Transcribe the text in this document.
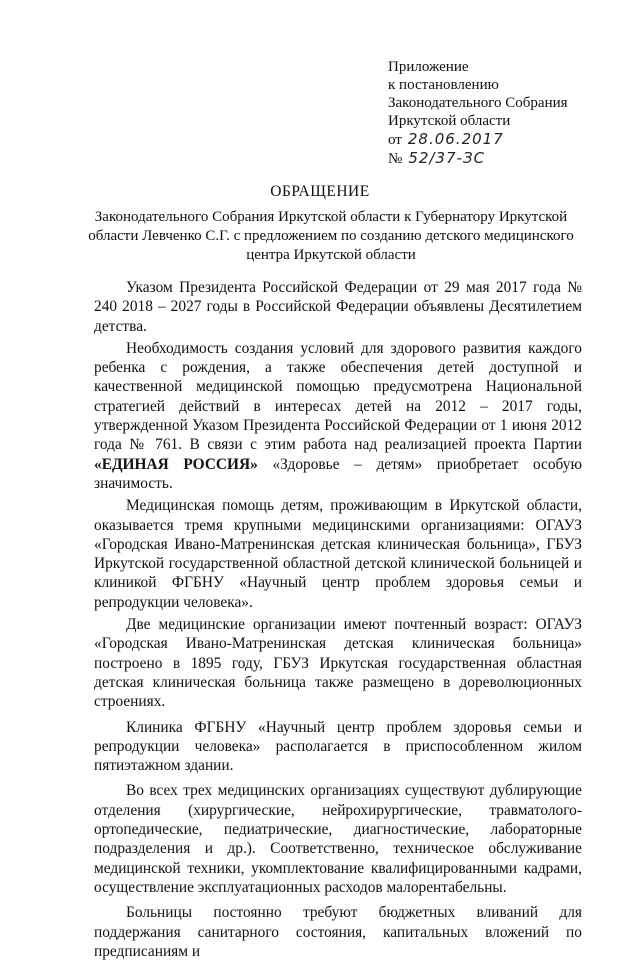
Приложение
к постановлению
Законодательного Собрания
Иркутской области
от 28.06.2017
№ 52/37-ЗС
ОБРАЩЕНИЕ
Законодательного Собрания Иркутской области к Губернатору Иркутской области Левченко С.Г. с предложением по созданию детского медицинского центра Иркутской области

Указом Президента Российской Федерации от 29 мая 2017 года № 240 2018 – 2027 годы в Российской Федерации объявлены Десятилетием детства.

Необходимость создания условий для здорового развития каждого ребенка с рождения, а также обеспечения детей доступной и качественной медицинской помощью предусмотрена Национальной стратегией действий в интересах детей на 2012 – 2017 годы, утвержденной Указом Президента Российской Федерации от 1 июня 2012 года № 761. В связи с этим работа над реализацией проекта Партии «ЕДИНАЯ РОССИЯ» «Здоровье – детям» приобретает особую значимость.

Медицинская помощь детям, проживающим в Иркутской области, оказывается тремя крупными медицинскими организациями: ОГАУЗ «Городская Ивано-Матренинская детская клиническая больница», ГБУЗ Иркутской государственной областной детской клинической больницей и клиникой ФГБНУ «Научный центр проблем здоровья семьи и репродукции человека».

Две медицинские организации имеют почтенный возраст: ОГАУЗ «Городская Ивано-Матренинская детская клиническая больница» построено в 1895 году, ГБУЗ Иркутская государственная областная детская клиническая больница также размещено в дореволюционных строениях.

Клиника ФГБНУ «Научный центр проблем здоровья семьи и репродукции человека» располагается в приспособленном жилом пятиэтажном здании.

Во всех трех медицинских организациях существуют дублирующие отделения (хирургические, нейрохирургические, травматолого-ортопедические, педиатрические, диагностические, лабораторные подразделения и др.). Соответственно, техническое обслуживание медицинской техники, укомплектование квалифицированными кадрами, осуществление эксплуатационных расходов малорентабельны.

Больницы постоянно требуют бюджетных вливаний для поддержания санитарного состояния, капитальных вложений по предписаниям и
